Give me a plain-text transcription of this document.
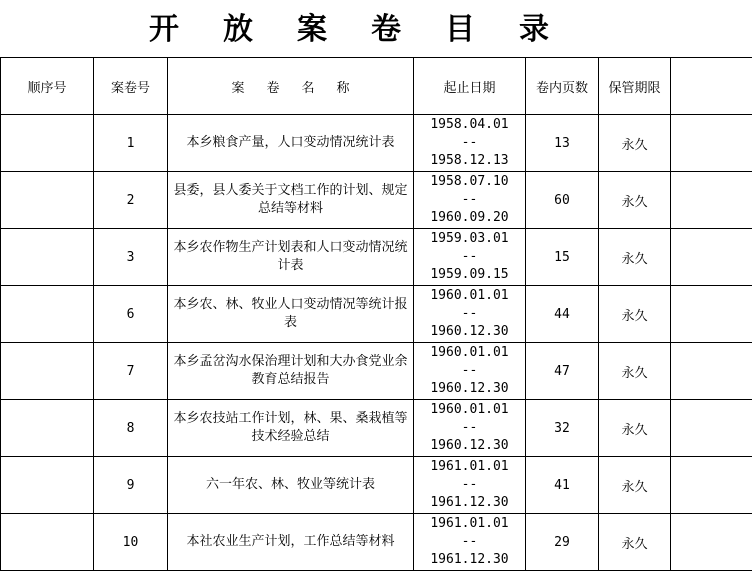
开放案卷目录
顺序号	案卷号	案卷名称	起止日期	卷内页数	保管期限	
	1	本乡粮食产量，人口变动情况统计表	1958.04.01
--
1958.12.13	13	永久	
	2	县委，县人委关于文档工作的计划、规定总结等材料	1958.07.10
--
1960.09.20	60	永久	
	3	本乡农作物生产计划表和人口变动情况统计表	1959.03.01
--
1959.09.15	15	永久	
	6	本乡农、林、牧业人口变动情况等统计报表	1960.01.01
--
1960.12.30	44	永久	
	7	本乡孟岔沟水保治理计划和大办食党业余教育总结报告	1960.01.01
--
1960.12.30	47	永久	
	8	本乡农技站工作计划，林、果、桑栽植等技术经验总结	1960.01.01
--
1960.12.30	32	永久	
	9	六一年农、林、牧业等统计表	1961.01.01
--
1961.12.30	41	永久	
	10	本社农业生产计划，工作总结等材料	1961.01.01
--
1961.12.30	29	永久	
